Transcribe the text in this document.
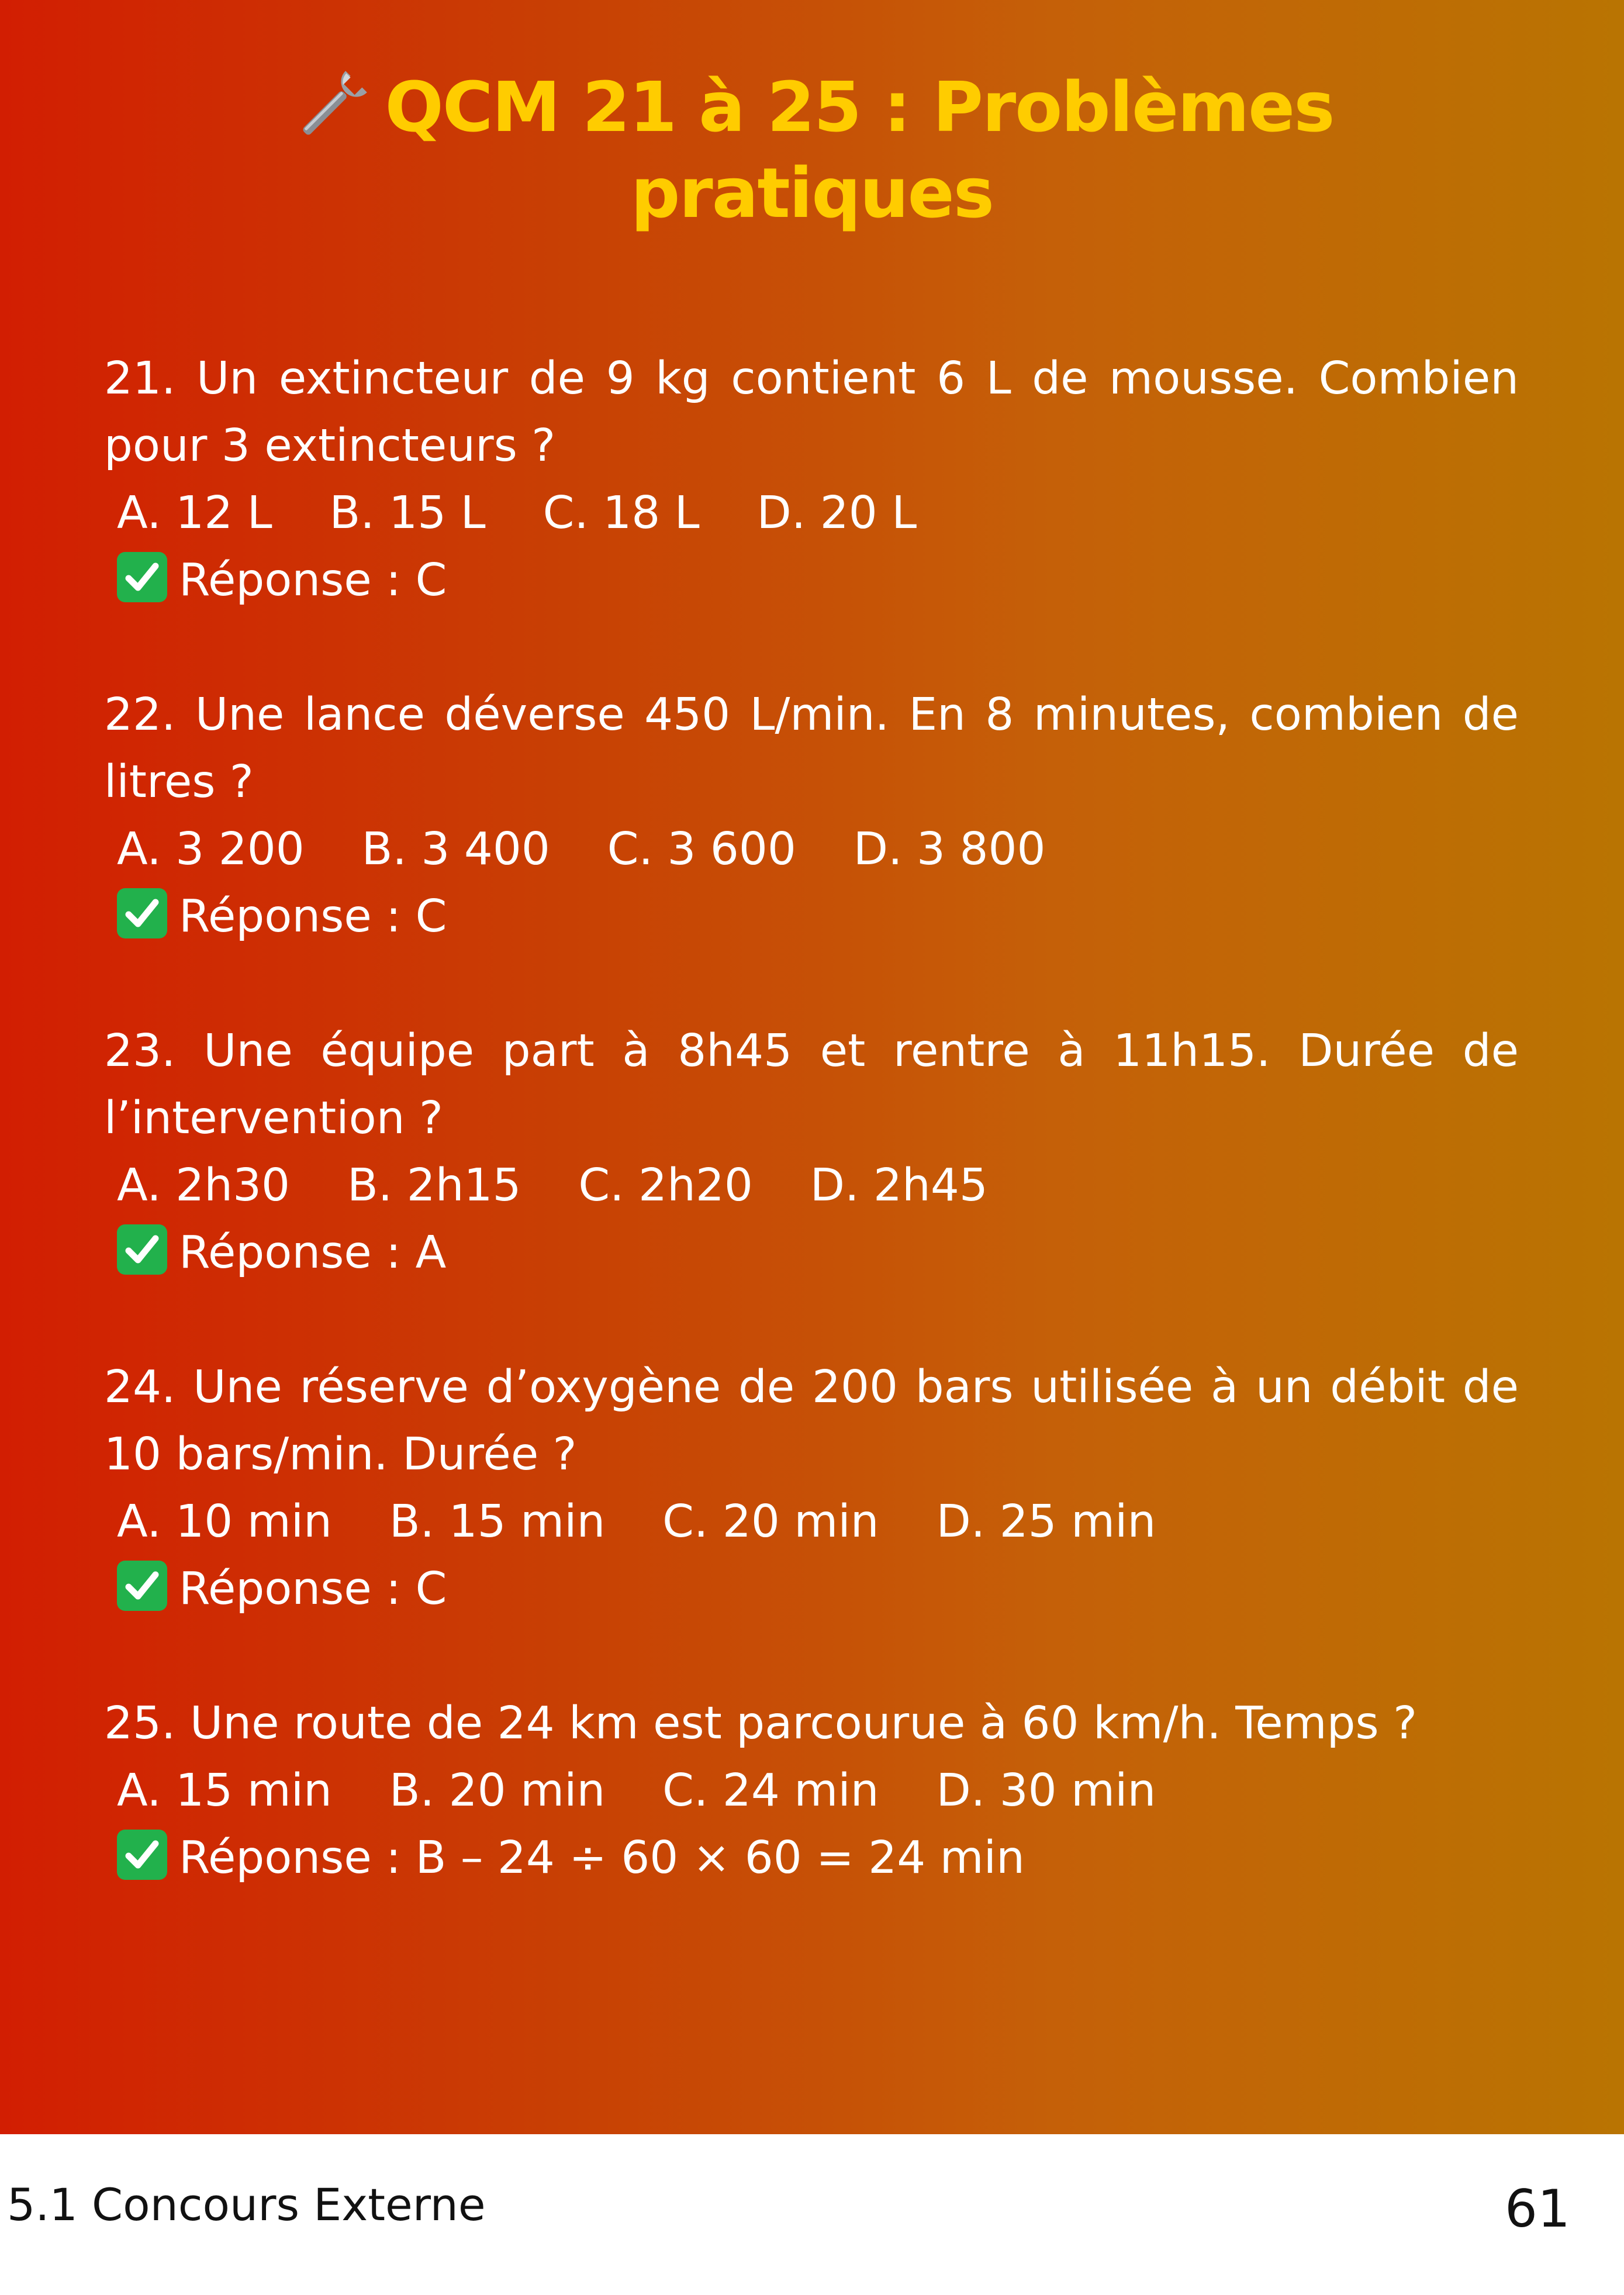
QCM 21 à 25 : Problèmes
pratiques
21. Un extincteur de 9 kg contient 6 L de mousse. Combien pour 3 extincteurs ?
A. 12 L    B. 15 L    C. 18 L    D. 20 L
Réponse : C
22. Une lance déverse 450 L/min. En 8 minutes, combien de litres ?
A. 3 200    B. 3 400    C. 3 600    D. 3 800
Réponse : C
23. Une équipe part à 8h45 et rentre à 11h15. Durée de l’intervention ?
A. 2h30    B. 2h15    C. 2h20    D. 2h45
Réponse : A
24. Une réserve d’oxygène de 200 bars utilisée à un débit de 10 bars/min. Durée ?
A. 10 min    B. 15 min    C. 20 min    D. 25 min
Réponse : C
25. Une route de 24 km est parcourue à 60 km/h. Temps ?
A. 15 min    B. 20 min    C. 24 min    D. 30 min
Réponse : B – 24 ÷ 60 × 60 = 24 min
5.1 Concours Externe	61
